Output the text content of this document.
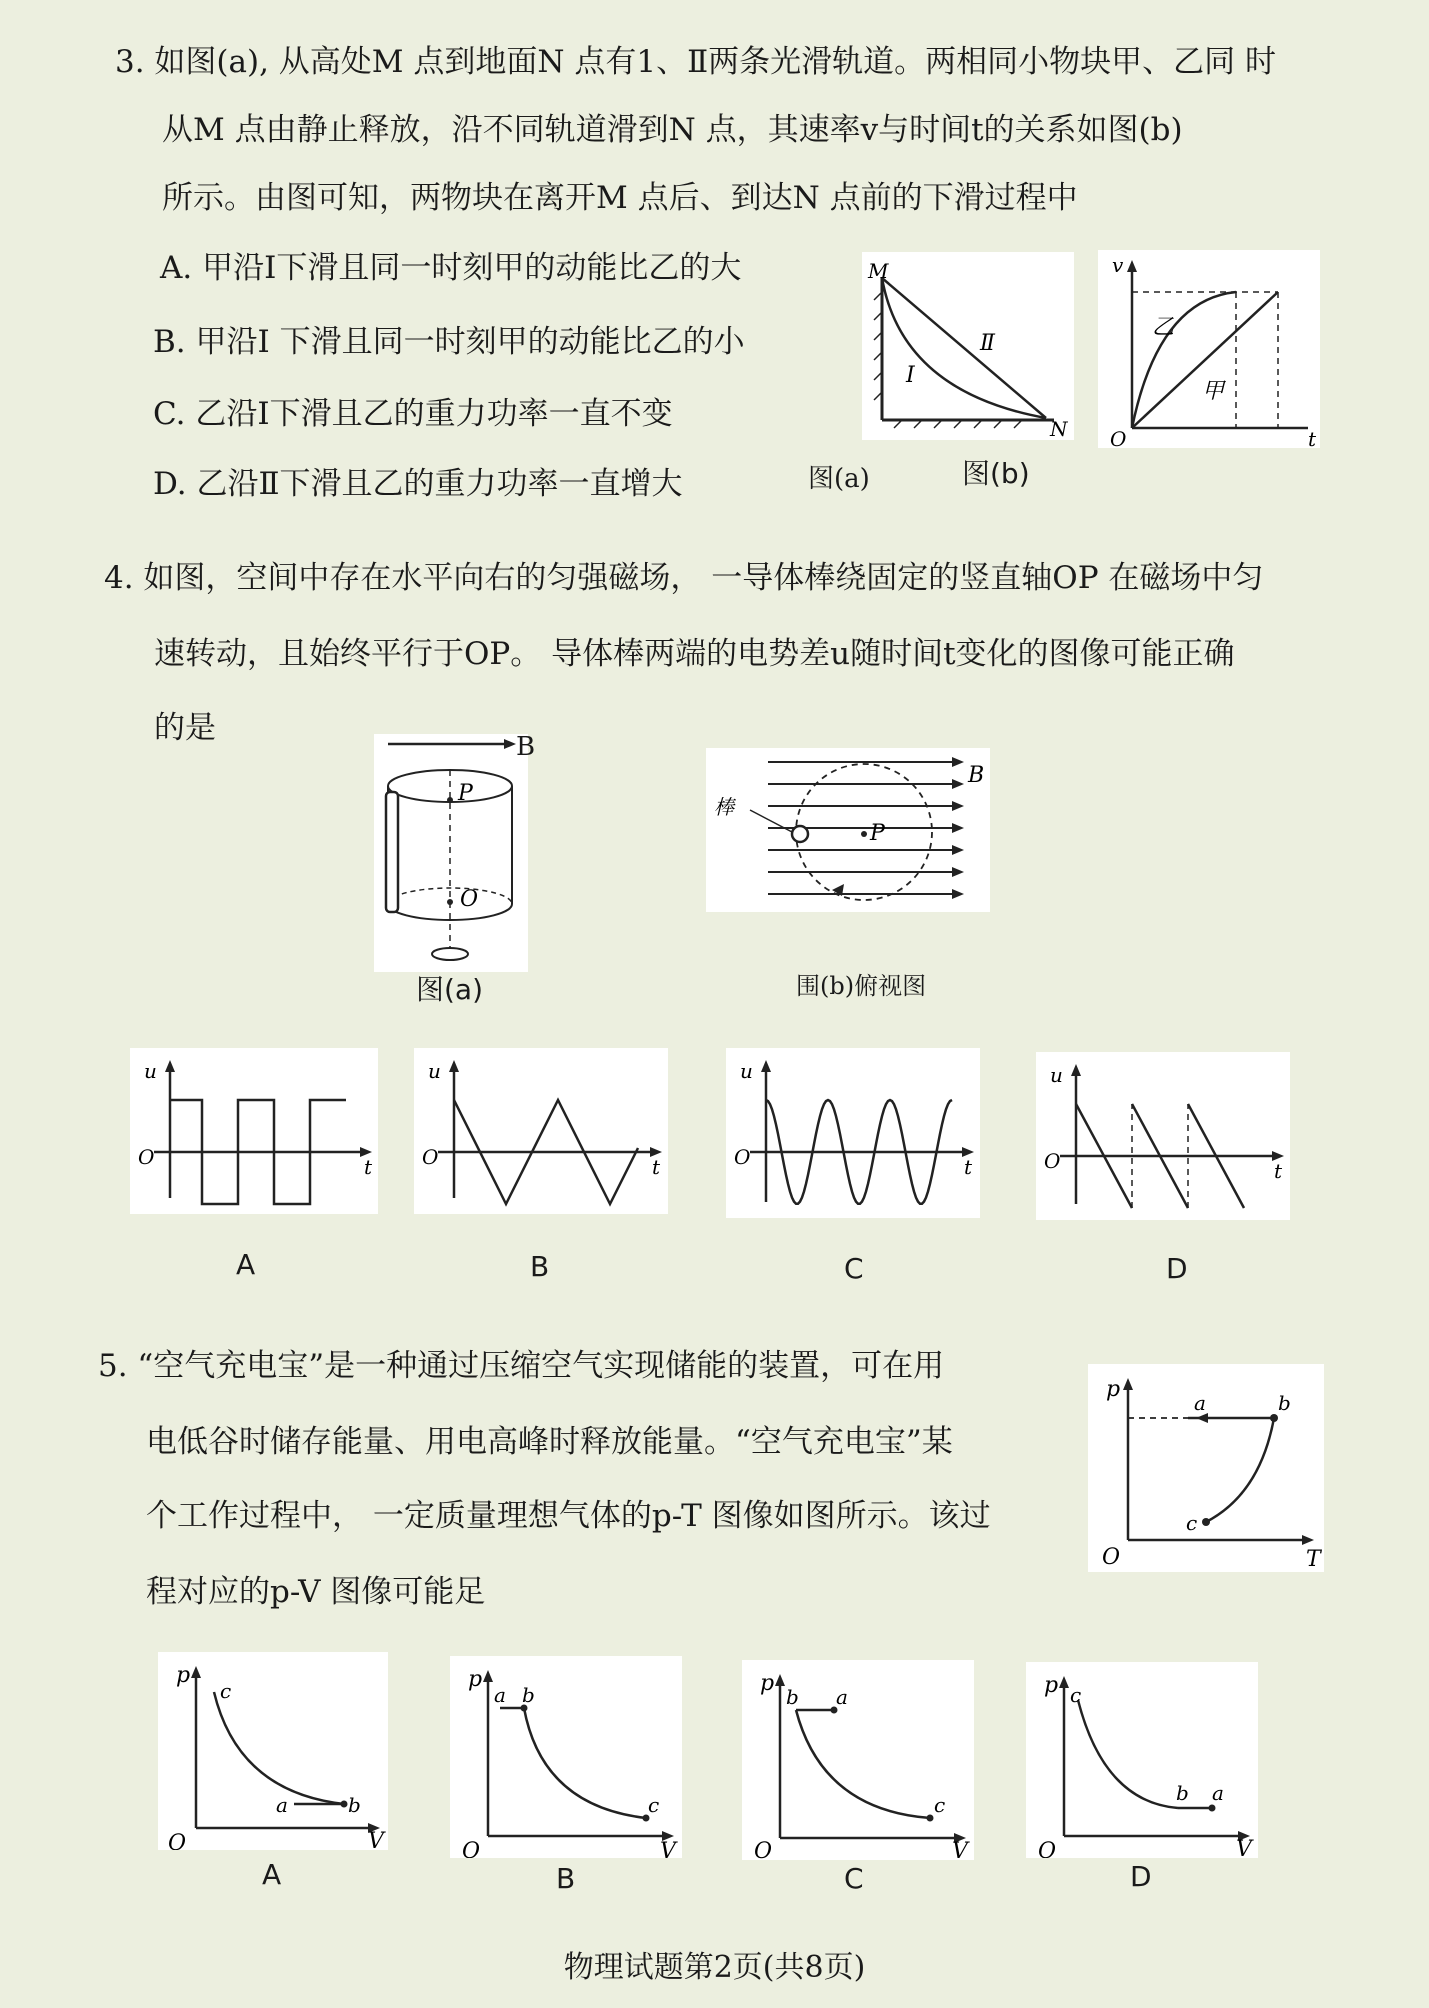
3. 如图(a), 从高处M 点到地面N 点有1、Ⅱ两条光滑轨道。两相同小物块甲、乙同 时
从M 点由静止释放，沿不同轨道滑到N 点，其速率v与时间t的关系如图(b)
所示。由图可知，两物块在离开M 点后、到达N 点前的下滑过程中
A. 甲沿I下滑且同一时刻甲的动能比乙的大
B. 甲沿I 下滑且同一时刻甲的动能比乙的小
C. 乙沿I下滑且乙的重力功率一直不变
D. 乙沿Ⅱ下滑且乙的重力功率一直增大
M
N
I
Ⅱ
图(a)
v
t
O
乙
甲
图(b)
4. 如图，空间中存在水平向右的匀强磁场， 一导体棒绕固定的竖直轴OP 在磁场中匀
速转动，且始终平行于OP。 导体棒两端的电势差u随时间t变化的图像可能正确
的是
P
O
B
图(a)
P
B
棒
围(b)俯视图
u
O	t
u
O	t
u
O	t
u
O	t
A	B	C	D
5. “空气充电宝”是一种通过压缩空气实现储能的装置，可在用
电低谷时储存能量、用电高峰时释放能量。“空气充电宝”某
个工作过程中， 一定质量理想气体的p-T 图像如图所示。该过
程对应的p-V 图像可能足
p
O	T
a	b
c
p
O	V
c
a	b
p
O	V
a b
c
p
O	V
b a
c
p
O	V
c
b a
A	B	C	D
物理试题第2页(共8页)
